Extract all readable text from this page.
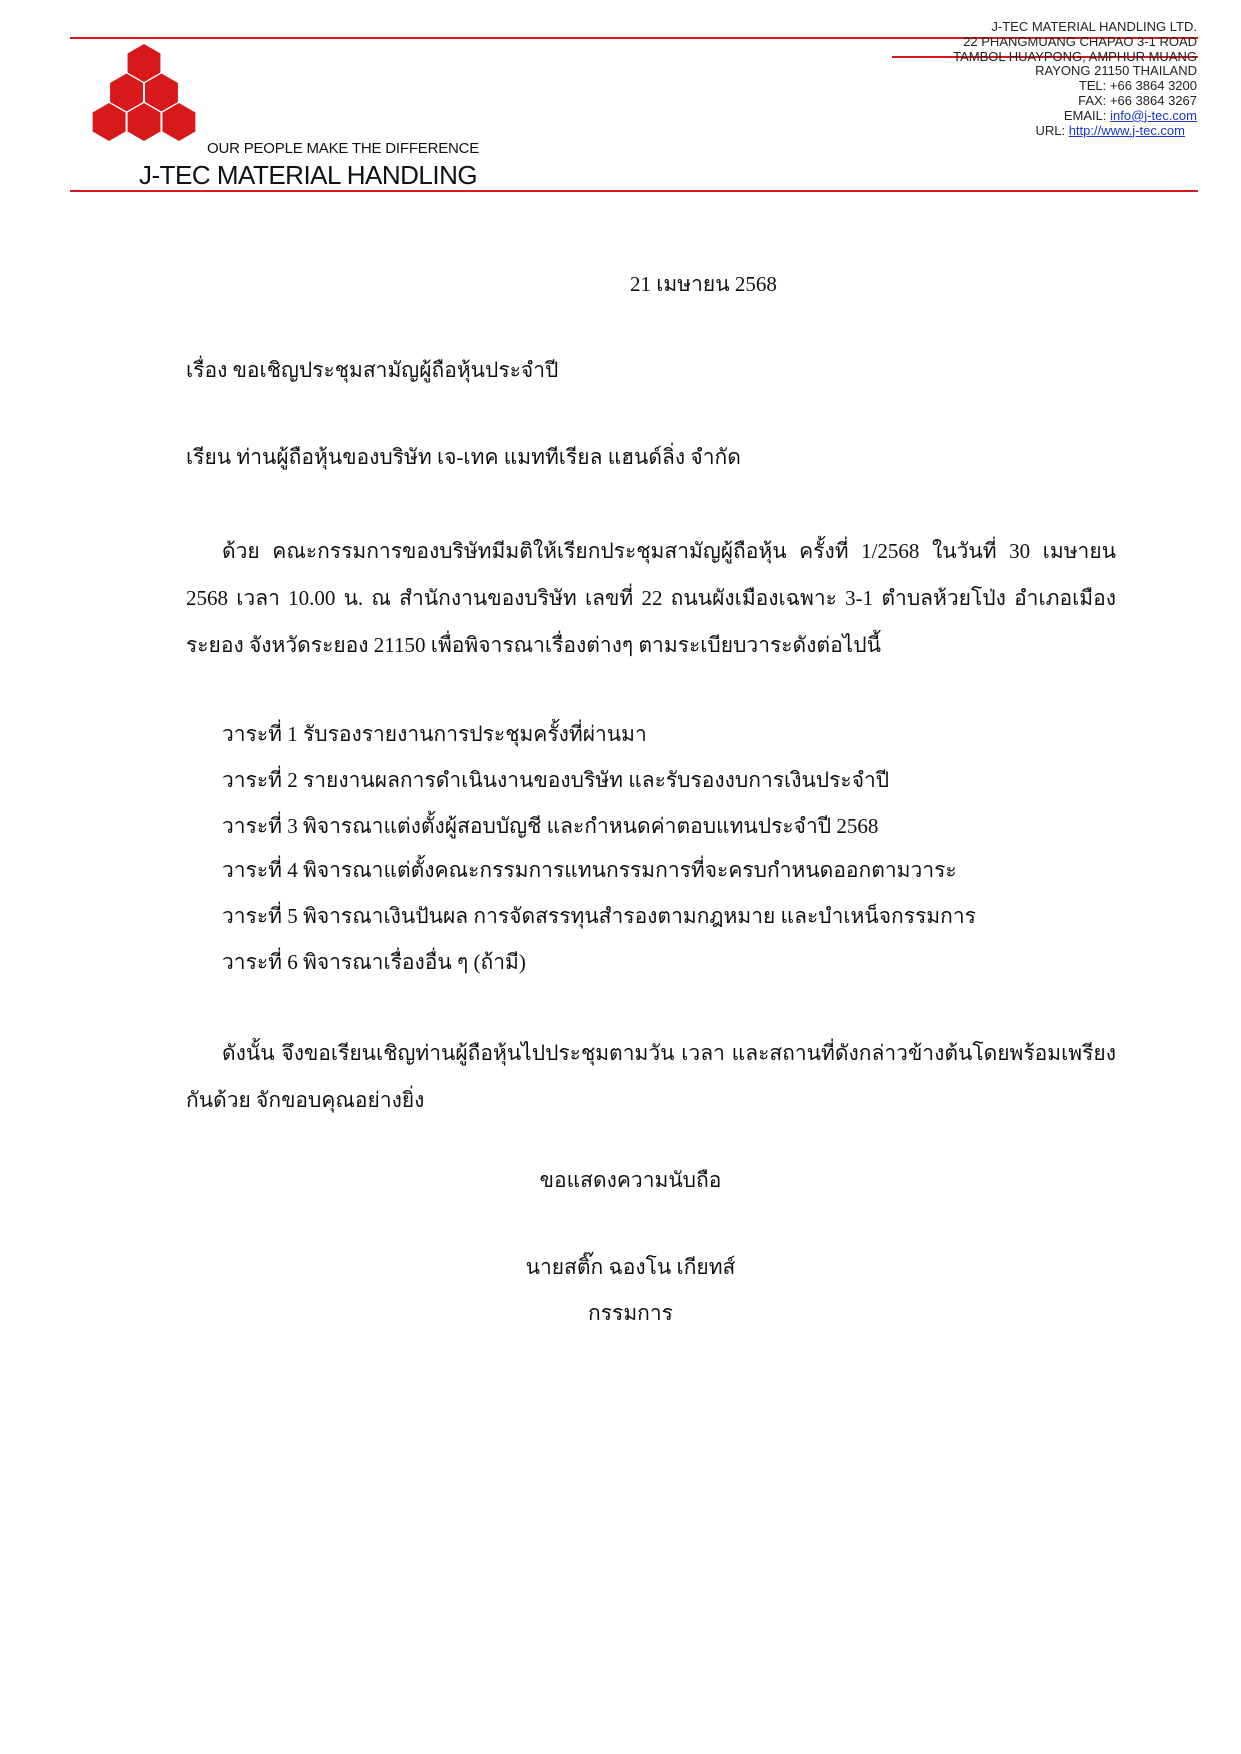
OUR PEOPLE MAKE THE DIFFERENCE
J-TEC MATERIAL HANDLING
J-TEC MATERIAL HANDLING LTD.
22 PHANGMUANG CHAPAO 3-1 ROAD
TAMBOL HUAYPONG, AMPHUR MUANG
RAYONG 21150 THAILAND
TEL: +66 3864 3200
FAX: +66 3864 3267
EMAIL: info@j-tec.com
URL: http://www.j-tec.com
21 เมษายน 2568
เรื่อง ขอเชิญประชุมสามัญผู้ถือหุ้นประจำปี
เรียน ท่านผู้ถือหุ้นของบริษัท เจ-เทค แมททีเรียล แฮนด์ลิ่ง จำกัด
ด้วย คณะกรรมการของบริษัทมีมติให้เรียกประชุมสามัญผู้ถือหุ้น ครั้งที่ 1/2568 ในวันที่ 30 เมษายน 2568 เวลา 10.00 น. ณ สำนักงานของบริษัท เลขที่ 22 ถนนผังเมืองเฉพาะ 3-1 ตำบลห้วยโป่ง อำเภอเมือง ระยอง จังหวัดระยอง 21150 เพื่อพิจารณาเรื่องต่างๆ ตามระเบียบวาระดังต่อไปนี้
วาระที่ 1 รับรองรายงานการประชุมครั้งที่ผ่านมา
วาระที่ 2 รายงานผลการดำเนินงานของบริษัท และรับรองงบการเงินประจำปี
วาระที่ 3 พิจารณาแต่งตั้งผู้สอบบัญชี และกำหนดค่าตอบแทนประจำปี 2568
วาระที่ 4 พิจารณาแต่ตั้งคณะกรรมการแทนกรรมการที่จะครบกำหนดออกตามวาระ
วาระที่ 5 พิจารณาเงินปันผล การจัดสรรทุนสำรองตามกฎหมาย และบำเหน็จกรรมการ
วาระที่ 6 พิจารณาเรื่องอื่น ๆ (ถ้ามี)
ดังนั้น จึงขอเรียนเชิญท่านผู้ถือหุ้นไปประชุมตามวัน เวลา และสถานที่ดังกล่าวข้างต้นโดยพร้อมเพรียงกันด้วย จักขอบคุณอย่างยิ่ง
ขอแสดงความนับถือ
นายสติ๊ก ฉองโน เกียทส์
กรรมการ
